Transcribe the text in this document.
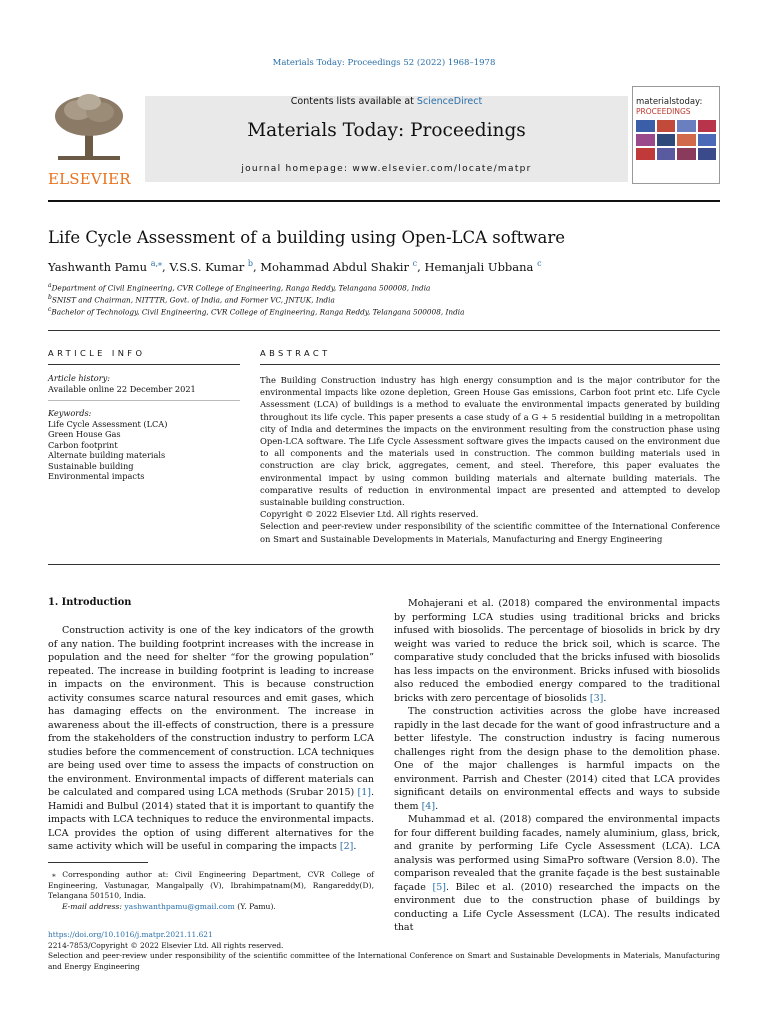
Materials Today: Proceedings 52 (2022) 1968–1978
ELSEVIER
Contents lists available at ScienceDirect
Materials Today: Proceedings
journal homepage: www.elsevier.com/locate/matpr
materialstoday:
PROCEEDINGS
Life Cycle Assessment of a building using Open-LCA software
Yashwanth Pamu $^{a,⁎}$, V.S.S. Kumar $^b$, Mohammad Abdul Shakir $^c$, Hemanjali Ubbana $^c$
$^a$Department of Civil Engineering, CVR College of Engineering, Ranga Reddy, Telangana 500008, India
$^b$SNIST and Chairman, NITTTR, Govt. of India, and Former VC, JNTUK, India
$^c$Bachelor of Technology, Civil Engineering, CVR College of Engineering, Ranga Reddy, Telangana 500008, India
ARTICLE INFO
Article history:
Available online 22 December 2021
Keywords:
Life Cycle Assessment (LCA)
Green House Gas
Carbon footprint
Alternate building materials
Sustainable building
Environmental impacts
ABSTRACT
The Building Construction industry has high energy consumption and is the major contributor for the environmental impacts like ozone depletion, Green House Gas emissions, Carbon foot print etc. Life Cycle Assessment (LCA) of buildings is a method to evaluate the environmental impacts generated by building throughout its life cycle. This paper presents a case study of a G + 5 residential building in a metropolitan city of India and determines the impacts on the environment resulting from the construction phase using Open-LCA software. The Life Cycle Assessment software gives the impacts caused on the environment due to all components and the materials used in construction. The common building materials used in construction are clay brick, aggregates, cement, and steel. Therefore, this paper evaluates the environmental impact by using common building materials and alternate building materials. The comparative results of reduction in environmental impact are presented and attempted to develop sustainable building construction.
Copyright © 2022 Elsevier Ltd. All rights reserved.
Selection and peer-review under responsibility of the scientific committee of the International Conference on Smart and Sustainable Developments in Materials, Manufacturing and Energy Engineering
1. Introduction

Construction activity is one of the key indicators of the growth of any nation. The building footprint increases with the increase in population and the need for shelter “for the growing population” repeated. The increase in building footprint is leading to increase in impacts on the environment. This is because construction activity consumes scarce natural resources and emit gases, which has damaging effects on the environment. The increase in awareness about the ill-effects of construction, there is a pressure from the stakeholders of the construction industry to perform LCA studies before the commencement of construction. LCA techniques are being used over time to assess the impacts of construction on the environment. Environmental impacts of different materials can be calculated and compared using LCA methods (Srubar 2015) [1]. Hamidi and Bulbul (2014) stated that it is important to quantify the impacts with LCA techniques to reduce the environmental impacts. LCA provides the option of using different alternatives for the same activity which will be useful in comparing the impacts [2].

Mohajerani et al. (2018) compared the environmental impacts by performing LCA studies using traditional bricks and bricks infused with biosolids. The percentage of biosolids in brick by dry weight was varied to reduce the brick soil, which is scarce. The comparative study concluded that the bricks infused with biosolids has less impacts on the environment. Bricks infused with biosolids also reduced the embodied energy compared to the traditional bricks with zero percentage of biosolids [3].

The construction activities across the globe have increased rapidly in the last decade for the want of good infrastructure and a better lifestyle. The construction industry is facing numerous challenges right from the design phase to the demolition phase. One of the major challenges is harmful impacts on the environment. Parrish and Chester (2014) cited that LCA provides significant details on environmental effects and ways to subside them [4].

Muhammad et al. (2018) compared the environmental impacts for four different building facades, namely aluminium, glass, brick, and granite by performing Life Cycle Assessment (LCA). LCA analysis was performed using SimaPro software (Version 8.0). The comparison revealed that the granite façade is the best sustainable façade [5]. Bilec et al. (2010) researched the impacts on the environment due to the construction phase of buildings by conducting a Life Cycle Assessment (LCA). The results indicated that

⁎ Corresponding author at: Civil Engineering Department, CVR College of Engineering, Vastunagar, Mangalpally (V), Ibrahimpatnam(M), Rangareddy(D), Telangana 501510, India.
E-mail address: yashwanthpamu@gmail.com (Y. Pamu).
https://doi.org/10.1016/j.matpr.2021.11.621
2214-7853/Copyright © 2022 Elsevier Ltd. All rights reserved.
Selection and peer-review under responsibility of the scientific committee of the International Conference on Smart and Sustainable Developments in Materials, Manufacturing and Energy Engineering
